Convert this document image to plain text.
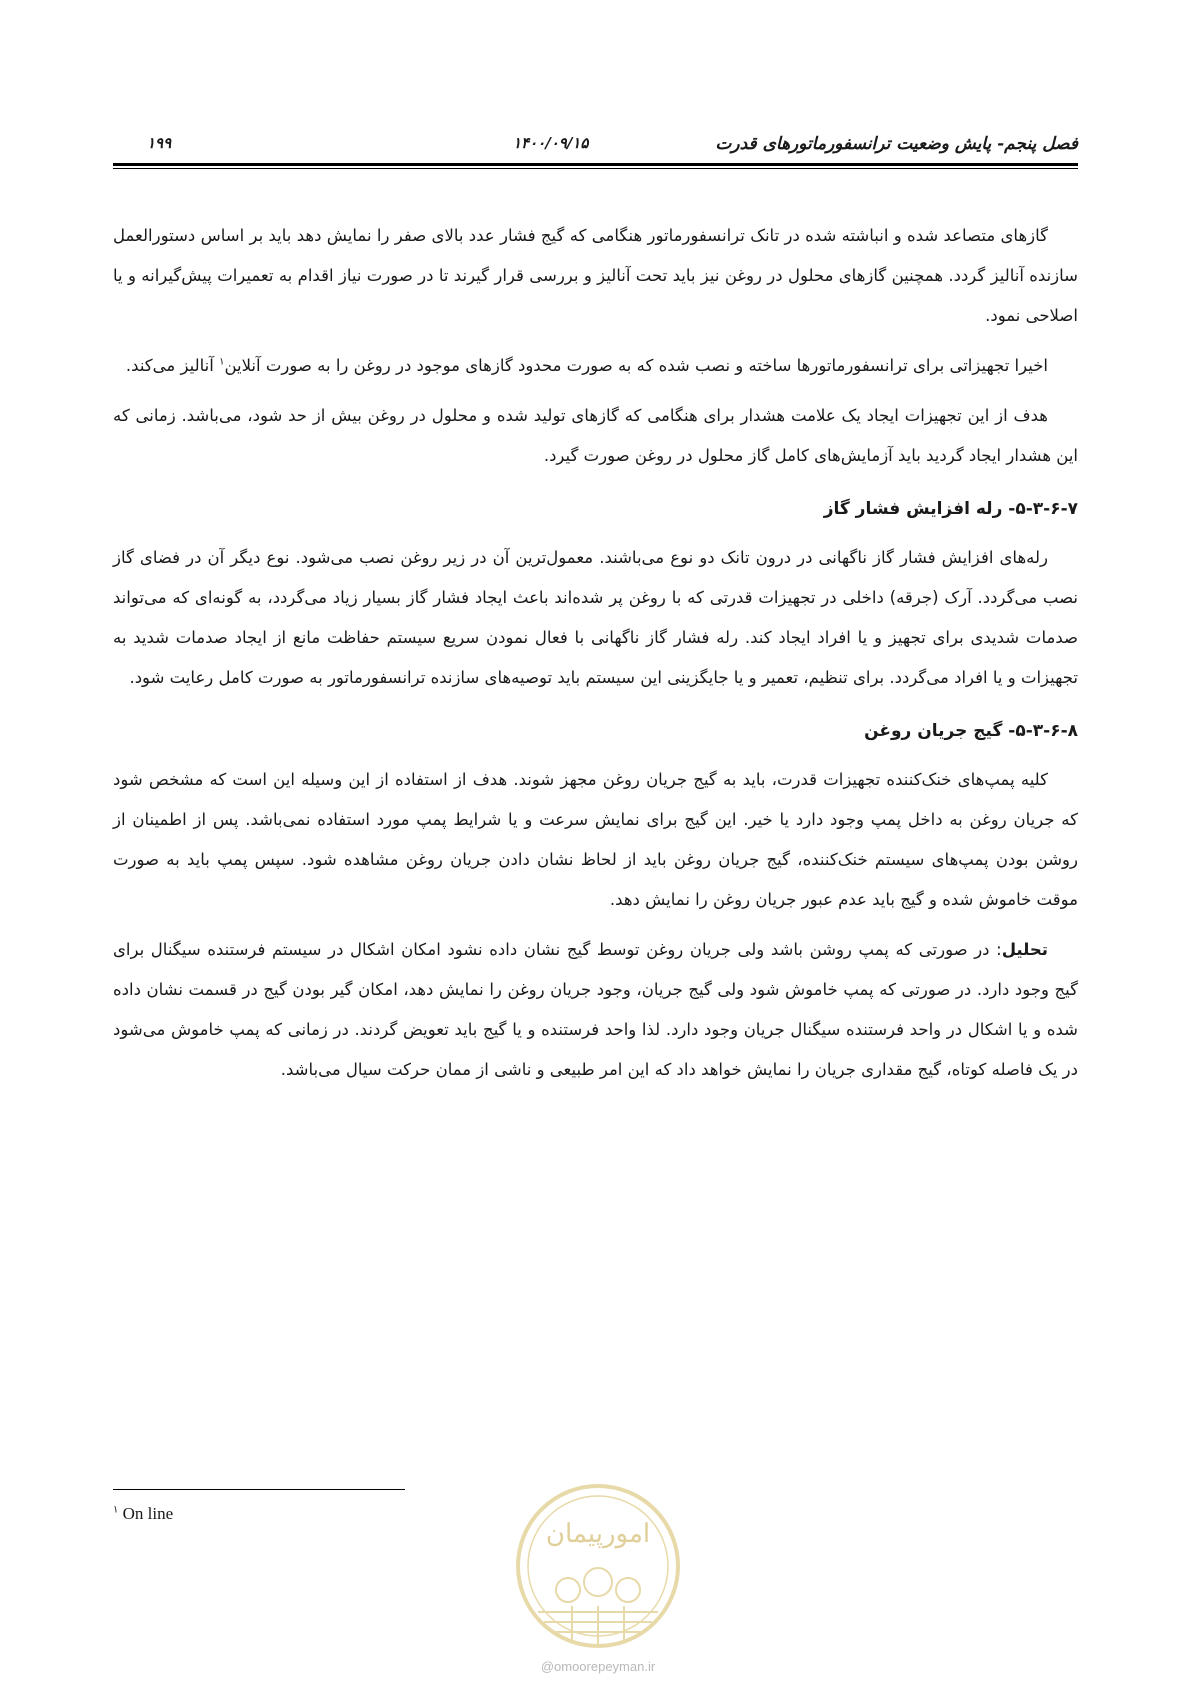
فصل پنجم- پایش وضعیت ترانسفورماتورهای قدرت
۱۴۰۰/۰۹/۱۵
۱۹۹

گازهای متصاعد شده و انباشته شده در تانک ترانسفورماتور هنگامی که گیج فشار عدد بالای صفر را نمایش دهد باید بر اساس دستورالعمل سازنده آنالیز گردد. همچنین گازهای محلول در روغن نیز باید تحت آنالیز و بررسی قرار گیرند تا در صورت نیاز اقدام به تعمیرات پیش‌گیرانه و یا اصلاحی نمود.

اخیرا تجهیزاتی برای ترانسفورماتورها ساخته و نصب شده که به صورت محدود گازهای موجود در روغن را به صورت آنلاین$^۱$ آنالیز می‌کند.

هدف از این تجهیزات ایجاد یک علامت هشدار برای هنگامی که گازهای تولید شده و محلول در روغن بیش از حد شود، می‌باشد. زمانی که این هشدار ایجاد گردید باید آزمایش‌های کامل گاز محلول در روغن صورت گیرد.

۵-۳-۶-۷- رله افزایش فشار گاز

رله‌های افزایش فشار گاز ناگهانی در درون تانک دو نوع می‌باشند. معمول‌ترین آن در زیر روغن نصب می‌شود. نوع دیگر آن در فضای گاز نصب می‌گردد. آرک (جرقه) داخلی در تجهیزات قدرتی که با روغن پر شده‌اند باعث ایجاد فشار گاز بسیار زیاد می‌گردد، به گونه‌ای که می‌تواند صدمات شدیدی برای تجهیز و یا افراد ایجاد کند. رله فشار گاز ناگهانی با فعال نمودن سریع سیستم حفاظت مانع از ایجاد صدمات شدید به تجهیزات و یا افراد می‌گردد. برای تنظیم، تعمیر و یا جایگزینی این سیستم باید توصیه‌های سازنده ترانسفورماتور به صورت کامل رعایت شود.

۵-۳-۶-۸- گیج جریان روغن

کلیه پمپ‌های خنک‌کننده تجهیزات قدرت، باید به گیج جریان روغن مجهز شوند. هدف از استفاده از این وسیله این است که مشخص شود که جریان روغن به داخل پمپ وجود دارد یا خیر. این گیج برای نمایش سرعت و یا شرایط پمپ مورد استفاده نمی‌باشد. پس از اطمینان از روشن بودن پمپ‌های سیستم خنک‌کننده، گیج جریان روغن باید از لحاظ نشان دادن جریان روغن مشاهده شود. سپس پمپ باید به صورت موقت خاموش شده و گیج باید عدم عبور جریان روغن را نمایش دهد.

تحلیل: در صورتی که پمپ روشن باشد ولی جریان روغن توسط گیج نشان داده نشود امکان اشکال در سیستم فرستنده سیگنال برای گیج وجود دارد. در صورتی که پمپ خاموش شود ولی گیج جریان، وجود جریان روغن را نمایش دهد، امکان گیر بودن گیج در قسمت نشان داده شده و یا اشکال در واحد فرستنده سیگنال جریان وجود دارد. لذا واحد فرستنده و یا گیج باید تعویض گردند. در زمانی که پمپ خاموش می‌شود در یک فاصله کوتاه، گیج مقداری جریان را نمایش خواهد داد که این امر طبیعی و ناشی از ممان حرکت سیال می‌باشد.

$^۱$ On line
امورپیمان
@omoorepeyman.ir
